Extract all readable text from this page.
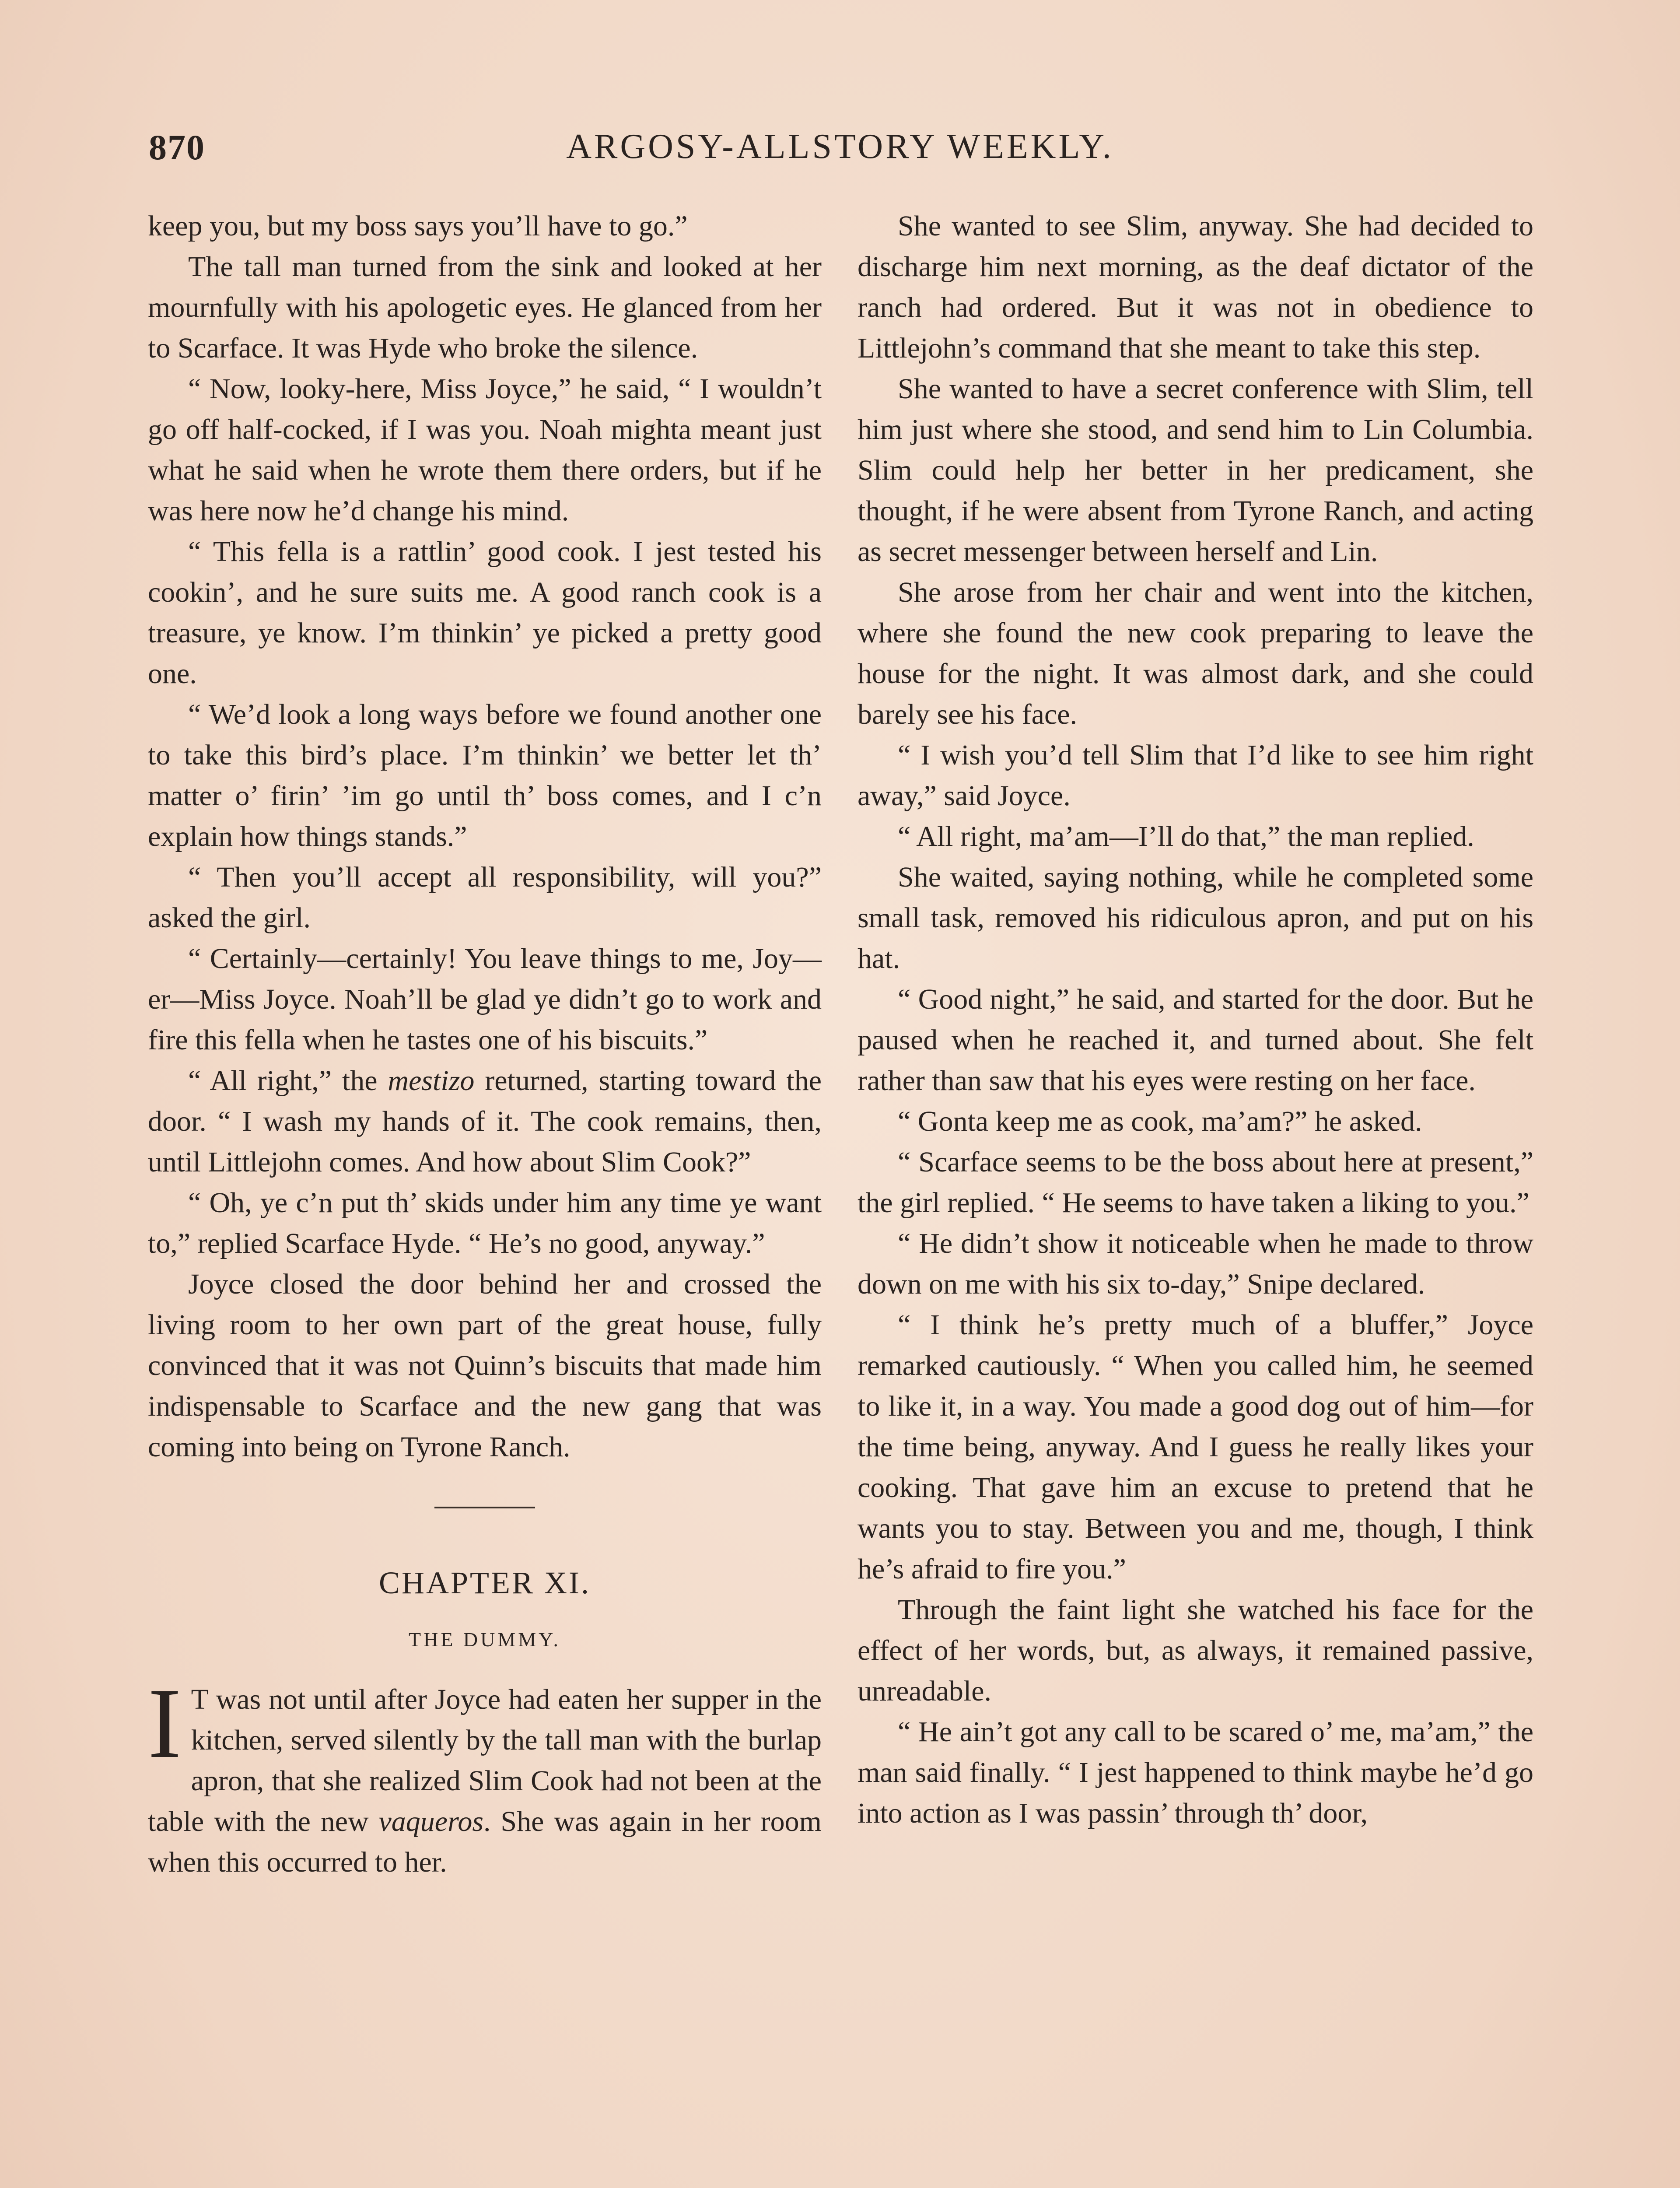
870	ARGOSY-ALLSTORY WEEKLY.

keep you, but my boss says you’ll have to go.”

The tall man turned from the sink and looked at her mournfully with his apologetic eyes. He glanced from her to Scarface. It was Hyde who broke the silence.

“ Now, looky-here, Miss Joyce,” he said, “ I wouldn’t go off half-cocked, if I was you. Noah mighta meant just what he said when he wrote them there orders, but if he was here now he’d change his mind.

“ This fella is a rattlin’ good cook. I jest tested his cookin’, and he sure suits me. A good ranch cook is a treasure, ye know. I’m thinkin’ ye picked a pretty good one.

“ We’d look a long ways before we found another one to take this bird’s place. I’m thinkin’ we better let th’ matter o’ firin’ ’im go until th’ boss comes, and I c’n explain how things stands.”

“ Then you’ll accept all responsibility, will you?” asked the girl.

“ Certainly—certainly! You leave things to me, Joy—er—Miss Joyce. Noah’ll be glad ye didn’t go to work and fire this fella when he tastes one of his biscuits.”

“ All right,” the mestizo returned, starting toward the door. “ I wash my hands of it. The cook remains, then, until Littlejohn comes. And how about Slim Cook?”

“ Oh, ye c’n put th’ skids under him any time ye want to,” replied Scarface Hyde. “ He’s no good, anyway.”

Joyce closed the door behind her and crossed the living room to her own part of the great house, fully convinced that it was not Quinn’s biscuits that made him indispensable to Scarface and the new gang that was coming into being on Tyrone Ranch.

CHAPTER XI.
THE DUMMY.

I T was not until after Joyce had eaten her supper in the kitchen, served silently by the tall man with the burlap apron, that she realized Slim Cook had not been at the table with the new vaqueros. She was again in her room when this occurred to her.

She wanted to see Slim, anyway. She had decided to discharge him next morning, as the deaf dictator of the ranch had ordered. But it was not in obedience to Littlejohn’s command that she meant to take this step.

She wanted to have a secret conference with Slim, tell him just where she stood, and send him to Lin Columbia. Slim could help her better in her predicament, she thought, if he were absent from Tyrone Ranch, and acting as secret messenger between herself and Lin.

She arose from her chair and went into the kitchen, where she found the new cook preparing to leave the house for the night. It was almost dark, and she could barely see his face.

“ I wish you’d tell Slim that I’d like to see him right away,” said Joyce.

“ All right, ma’am—I’ll do that,” the man replied.

She waited, saying nothing, while he completed some small task, removed his ridiculous apron, and put on his hat.

“ Good night,” he said, and started for the door. But he paused when he reached it, and turned about. She felt rather than saw that his eyes were resting on her face.

“ Gonta keep me as cook, ma’am?” he asked.

“ Scarface seems to be the boss about here at present,” the girl replied. “ He seems to have taken a liking to you.”

“ He didn’t show it noticeable when he made to throw down on me with his six to-day,” Snipe declared.

“ I think he’s pretty much of a bluffer,” Joyce remarked cautiously. “ When you called him, he seemed to like it, in a way. You made a good dog out of him—for the time being, anyway. And I guess he really likes your cooking. That gave him an excuse to pretend that he wants you to stay. Between you and me, though, I think he’s afraid to fire you.”

Through the faint light she watched his face for the effect of her words, but, as always, it remained passive, unreadable.

“ He ain’t got any call to be scared o’ me, ma’am,” the man said finally. “ I jest happened to think maybe he’d go into action as I was passin’ through th’ door,
